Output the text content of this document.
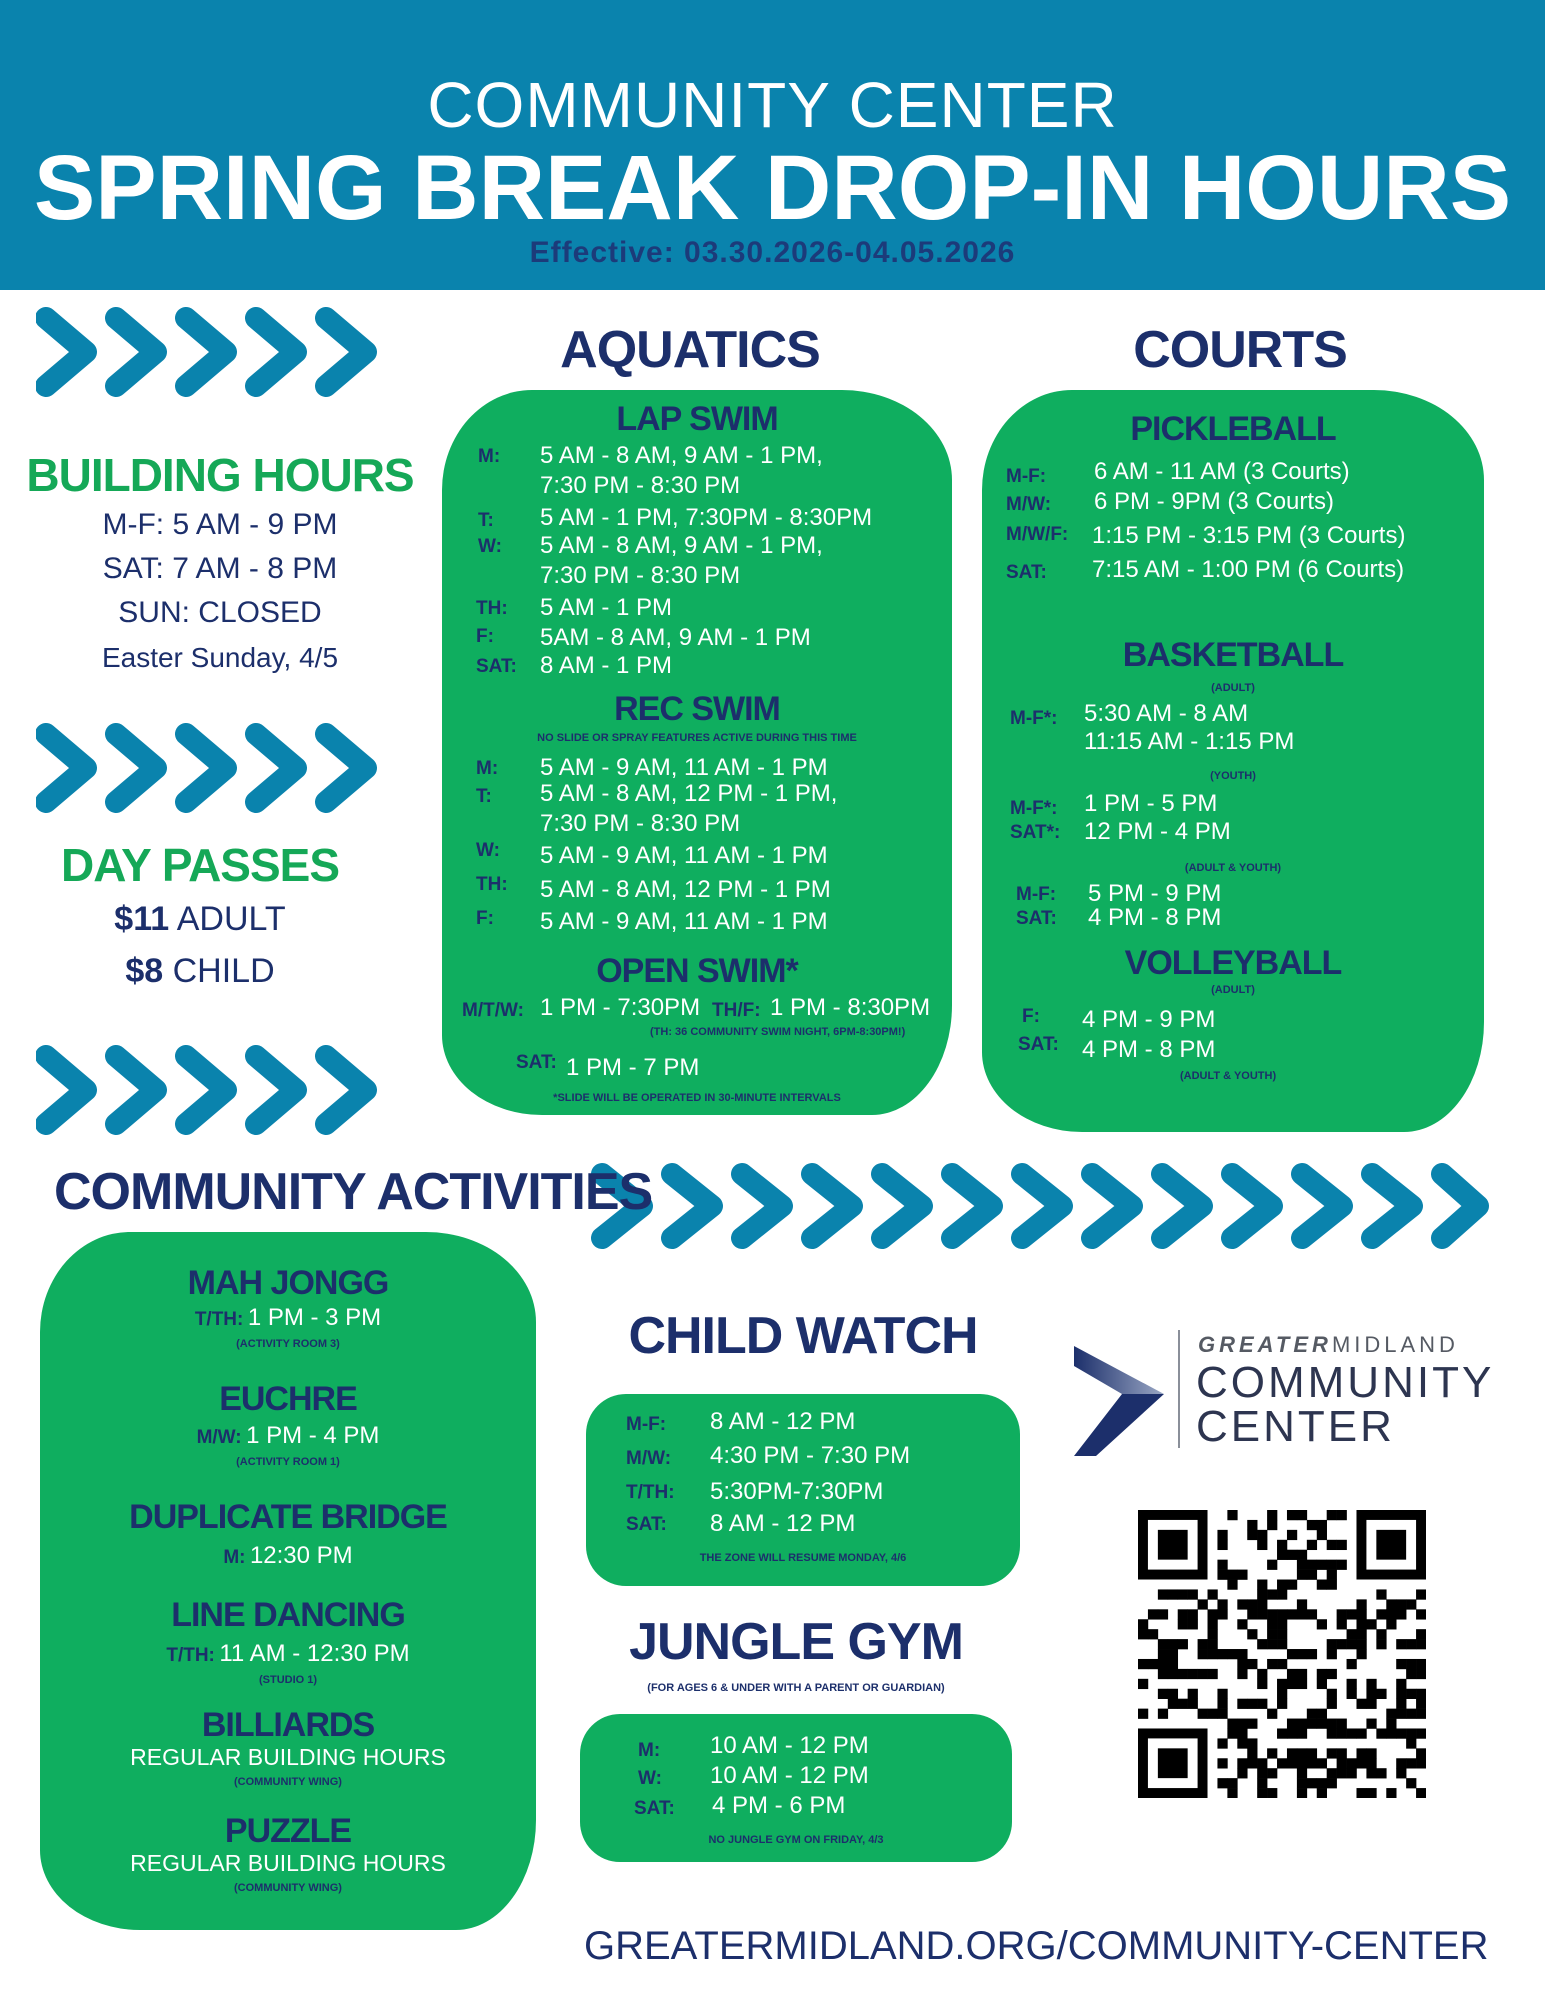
COMMUNITY CENTER
SPRING BREAK DROP-IN HOURS
Effective: 03.30.2026-04.05.2026
BUILDING HOURS
M-F: 5 AM - 9 PM
SAT: 7 AM - 8 PM
SUN: CLOSED
Easter Sunday, 4/5
DAY PASSES
$11 ADULT
$8 CHILD
AQUATICS
LAP SWIM
M: 5 AM - 8 AM, 9 AM - 1 PM,
7:30 PM - 8:30 PM
T: 5 AM - 1 PM, 7:30PM - 8:30PM
W: 5 AM - 8 AM, 9 AM - 1 PM,
7:30 PM - 8:30 PM
TH: 5 AM - 1 PM
F: 5AM - 8 AM, 9 AM - 1 PM
SAT: 8 AM - 1 PM
REC SWIM
NO SLIDE OR SPRAY FEATURES ACTIVE DURING THIS TIME
M: 5 AM - 9 AM, 11 AM - 1 PM
T: 5 AM - 8 AM, 12 PM - 1 PM,
7:30 PM - 8:30 PM
W: 5 AM - 9 AM, 11 AM - 1 PM
TH: 5 AM - 8 AM, 12 PM - 1 PM
F: 5 AM - 9 AM, 11 AM - 1 PM
OPEN SWIM*
M/T/W: 1 PM - 7:30PM TH/F: 1 PM - 8:30PM
(TH: 36 COMMUNITY SWIM NIGHT, 6PM-8:30PM!)
SAT: 1 PM - 7 PM
*SLIDE WILL BE OPERATED IN 30-MINUTE INTERVALS
COURTS
PICKLEBALL
M-F: 6 AM - 11 AM (3 Courts)
M/W: 6 PM - 9PM (3 Courts)
M/W/F: 1:15 PM - 3:15 PM (3 Courts)
SAT: 7:15 AM - 1:00 PM (6 Courts)
BASKETBALL
(ADULT)
M-F*: 5:30 AM - 8 AM
11:15 AM - 1:15 PM
(YOUTH)
M-F*: 1 PM - 5 PM
SAT*: 12 PM - 4 PM
(ADULT & YOUTH)
M-F: 5 PM - 9 PM
SAT: 4 PM - 8 PM
VOLLEYBALL
(ADULT)
F: 4 PM - 9 PM
SAT: 4 PM - 8 PM
(ADULT & YOUTH)
COMMUNITY ACTIVITIES
MAH JONGG
T/TH: 1 PM - 3 PM
(ACTIVITY ROOM 3)
EUCHRE
M/W: 1 PM - 4 PM
(ACTIVITY ROOM 1)
DUPLICATE BRIDGE
M: 12:30 PM
LINE DANCING
T/TH: 11 AM - 12:30 PM
(STUDIO 1)
BILLIARDS
REGULAR BUILDING HOURS
(COMMUNITY WING)
PUZZLE
REGULAR BUILDING HOURS
(COMMUNITY WING)
CHILD WATCH
M-F: 8 AM - 12 PM
M/W: 4:30 PM - 7:30 PM
T/TH: 5:30PM-7:30PM
SAT: 8 AM - 12 PM
THE ZONE WILL RESUME MONDAY, 4/6
JUNGLE GYM
(FOR AGES 6 & UNDER WITH A PARENT OR GUARDIAN)
M: 10 AM - 12 PM
W: 10 AM - 12 PM
SAT: 4 PM - 6 PM
NO JUNGLE GYM ON FRIDAY, 4/3
GREATERMIDLAND
COMMUNITY
CENTER
GREATERMIDLAND.ORG/COMMUNITY-CENTER
